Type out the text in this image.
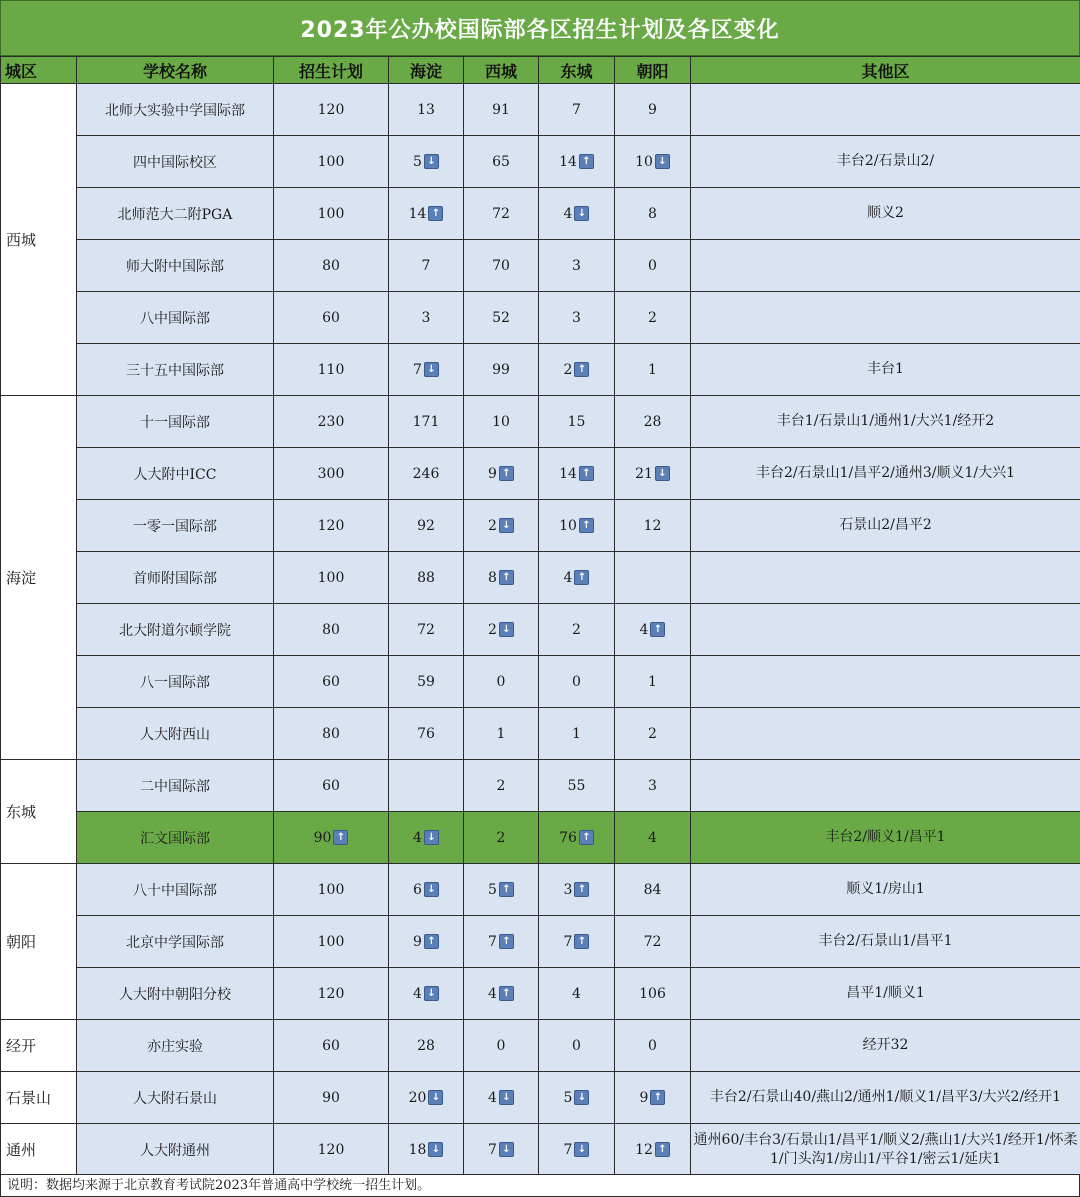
2023年公办校国际部各区招生计划及各区变化
城区	学校名称	招生计划	海淀	西城	东城	朝阳	其他区
西城	北师大实验中学国际部	120	13	91	7	9	
	四中国际校区	100	5 ↓	65	14 ↑	10 ↓	丰台2/石景山2/
	北师范大二附PGA	100	14 ↑	72	4 ↓	8	顺义2
	师大附中国际部	80	7	70	3	0	
	八中国际部	60	3	52	3	2	
	三十五中国际部	110	7 ↓	99	2 ↑	1	丰台1
海淀	十一国际部	230	171	10	15	28	丰台1/石景山1/通州1/大兴1/经开2
	人大附中ICC	300	246	9 ↑	14 ↑	21 ↓	丰台2/石景山1/昌平2/通州3/顺义1/大兴1
	一零一国际部	120	92	2 ↓	10 ↑	12	石景山2/昌平2
	首师附国际部	100	88	8 ↑	4 ↑		
	北大附道尔顿学院	80	72	2 ↓	2	4 ↑	
	八一国际部	60	59	0	0	1	
	人大附西山	80	76	1	1	2	
东城	二中国际部	60		2	55	3	
	汇文国际部	90 ↑	4 ↓	2	76 ↑	4	丰台2/顺义1/昌平1
朝阳	八十中国际部	100	6 ↓	5 ↑	3 ↑	84	顺义1/房山1
	北京中学国际部	100	9 ↑	7 ↑	7 ↑	72	丰台2/石景山1/昌平1
	人大附中朝阳分校	120	4 ↓	4 ↑	4	106	昌平1/顺义1
经开	亦庄实验	60	28	0	0	0	经开32
石景山	人大附石景山	90	20 ↓	4 ↓	5 ↓	9 ↑	丰台2/石景山40/燕山2/通州1/顺义1/昌平3/大兴2/经开1
通州	人大附通州	120	18 ↓	7 ↓	7 ↓	12 ↑	通州60/丰台3/石景山1/昌平1/顺义2/燕山1/大兴1/经开1/怀柔1/门头沟1/房山1/平谷1/密云1/延庆1
说明：数据均来源于北京教育考试院2023年普通高中学校统一招生计划。
